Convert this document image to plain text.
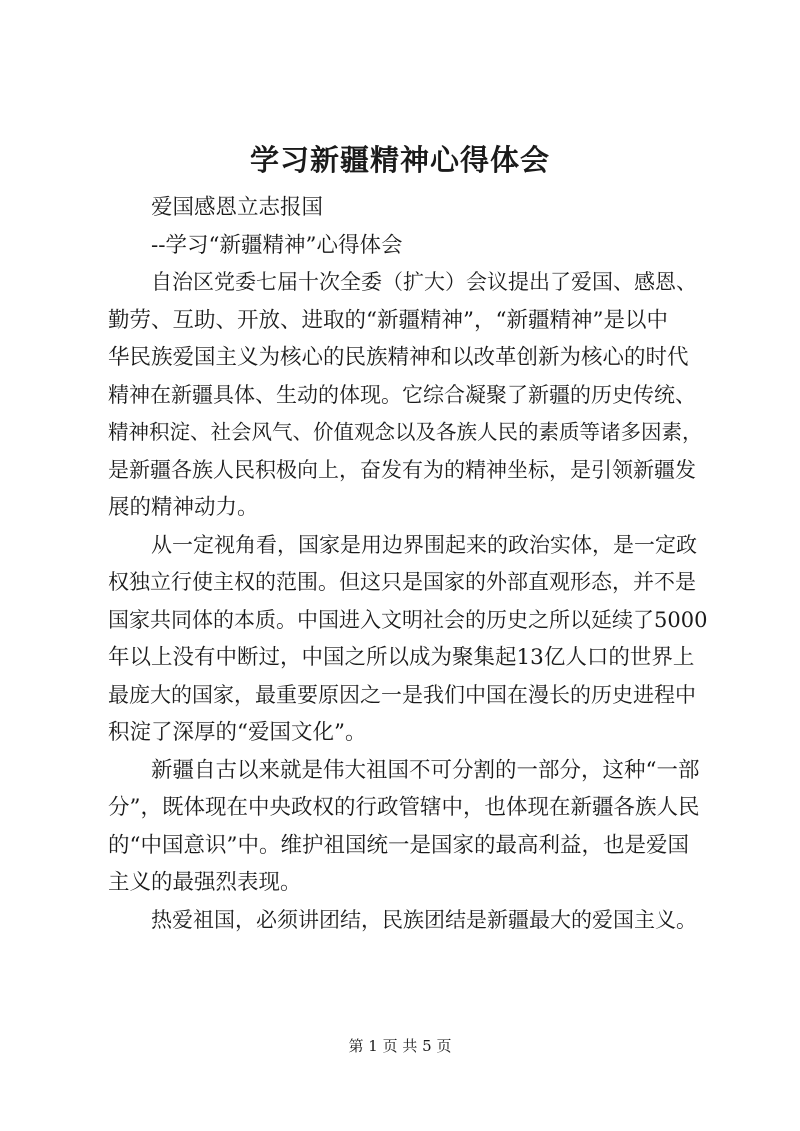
学习新疆精神心得体会
爱国感恩立志报国
--学习“新疆精神”心得体会
自治区党委七届十次全委（扩大）会议提出了爱国、感恩、
勤劳、互助、开放、进取的“新疆精神”，“新疆精神”是以中
华民族爱国主义为核心的民族精神和以改革创新为核心的时代
精神在新疆具体、生动的体现。它综合凝聚了新疆的历史传统、
精神积淀、社会风气、价值观念以及各族人民的素质等诸多因素，
是新疆各族人民积极向上，奋发有为的精神坐标，是引领新疆发
展的精神动力。
从一定视角看，国家是用边界围起来的政治实体，是一定政
权独立行使主权的范围。但这只是国家的外部直观形态，并不是
国家共同体的本质。中国进入文明社会的历史之所以延续了5000
年以上没有中断过，中国之所以成为聚集起13亿人口的世界上
最庞大的国家，最重要原因之一是我们中国在漫长的历史进程中
积淀了深厚的“爱国文化”。
新疆自古以来就是伟大祖国不可分割的一部分，这种“一部
分”，既体现在中央政权的行政管辖中，也体现在新疆各族人民
的“中国意识”中。维护祖国统一是国家的最高利益，也是爱国
主义的最强烈表现。
热爱祖国，必须讲团结，民族团结是新疆最大的爱国主义。
第 1 页 共 5 页
